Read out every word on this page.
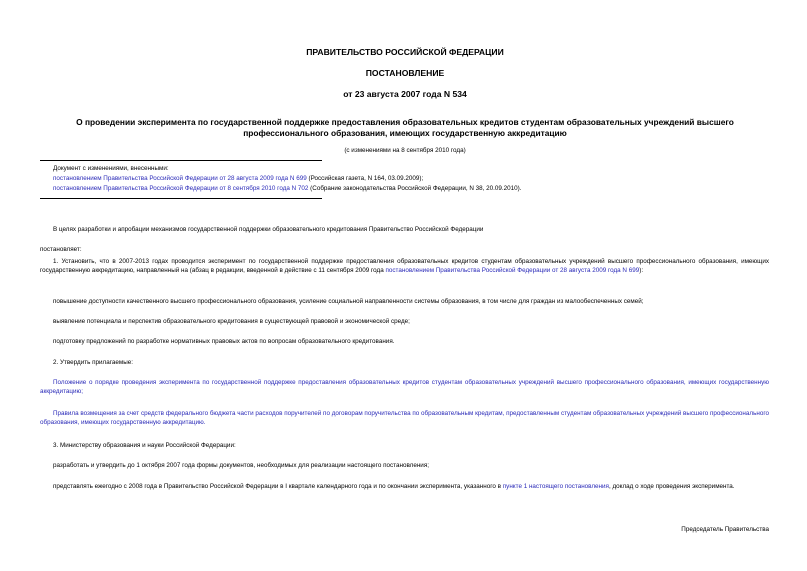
ПРАВИТЕЛЬСТВО РОССИЙСКОЙ ФЕДЕРАЦИИ
ПОСТАНОВЛЕНИЕ
от 23 августа 2007 года N 534
О проведении эксперимента по государственной поддержке предоставления образовательных кредитов студентам образовательных учреждений высшего
профессионального образования, имеющих государственную аккредитацию
(с изменениями на 8 сентября 2010 года)
Документ с изменениями, внесенными:
постановлением Правительства Российской Федерации от 28 августа 2009 года N 699 (Российская газета, N 164, 03.09.2009);
постановлением Правительства Российской Федерации от 8 сентября 2010 года N 702 (Собрание законодательства Российской Федерации, N 38, 20.09.2010).
В целях разработки и апробации механизмов государственной поддержки образовательного кредитования Правительство Российской Федерации
постановляет:
1. Установить, что в 2007-2013 годах проводится эксперимент по государственной поддержке предоставления образовательных кредитов студентам образовательных учреждений высшего профессионального образования, имеющих государственную аккредитацию, направленный на (абзац в редакции, введенной в действие с 11 сентября 2009 года постановлением Правительства Российской Федерации от 28 августа 2009 года N 699):
повышение доступности качественного высшего профессионального образования, усиление социальной направленности системы образования, в том числе для граждан из малообеспеченных семей;
выявление потенциала и перспектив образовательного кредитования в существующей правовой и экономической среде;
подготовку предложений по разработке нормативных правовых актов по вопросам образовательного кредитования.
2. Утвердить прилагаемые:
Положение о порядке проведения эксперимента по государственной поддержке предоставления образовательных кредитов студентам образовательных учреждений высшего профессионального образования, имеющих государственную аккредитацию;
Правила возмещения за счет средств федерального бюджета части расходов поручителей по договорам поручительства по образовательным кредитам, предоставленным студентам образовательных учреждений высшего профессионального образования, имеющих государственную аккредитацию.
3. Министерству образования и науки Российской Федерации:
разработать и утвердить до 1 октября 2007 года формы документов, необходимых для реализации настоящего постановления;
представлять ежегодно с 2008 года в Правительство Российской Федерации в I квартале календарного года и по окончании эксперимента, указанного в пункте 1 настоящего постановления, доклад о ходе проведения эксперимента.
Председатель Правительства
